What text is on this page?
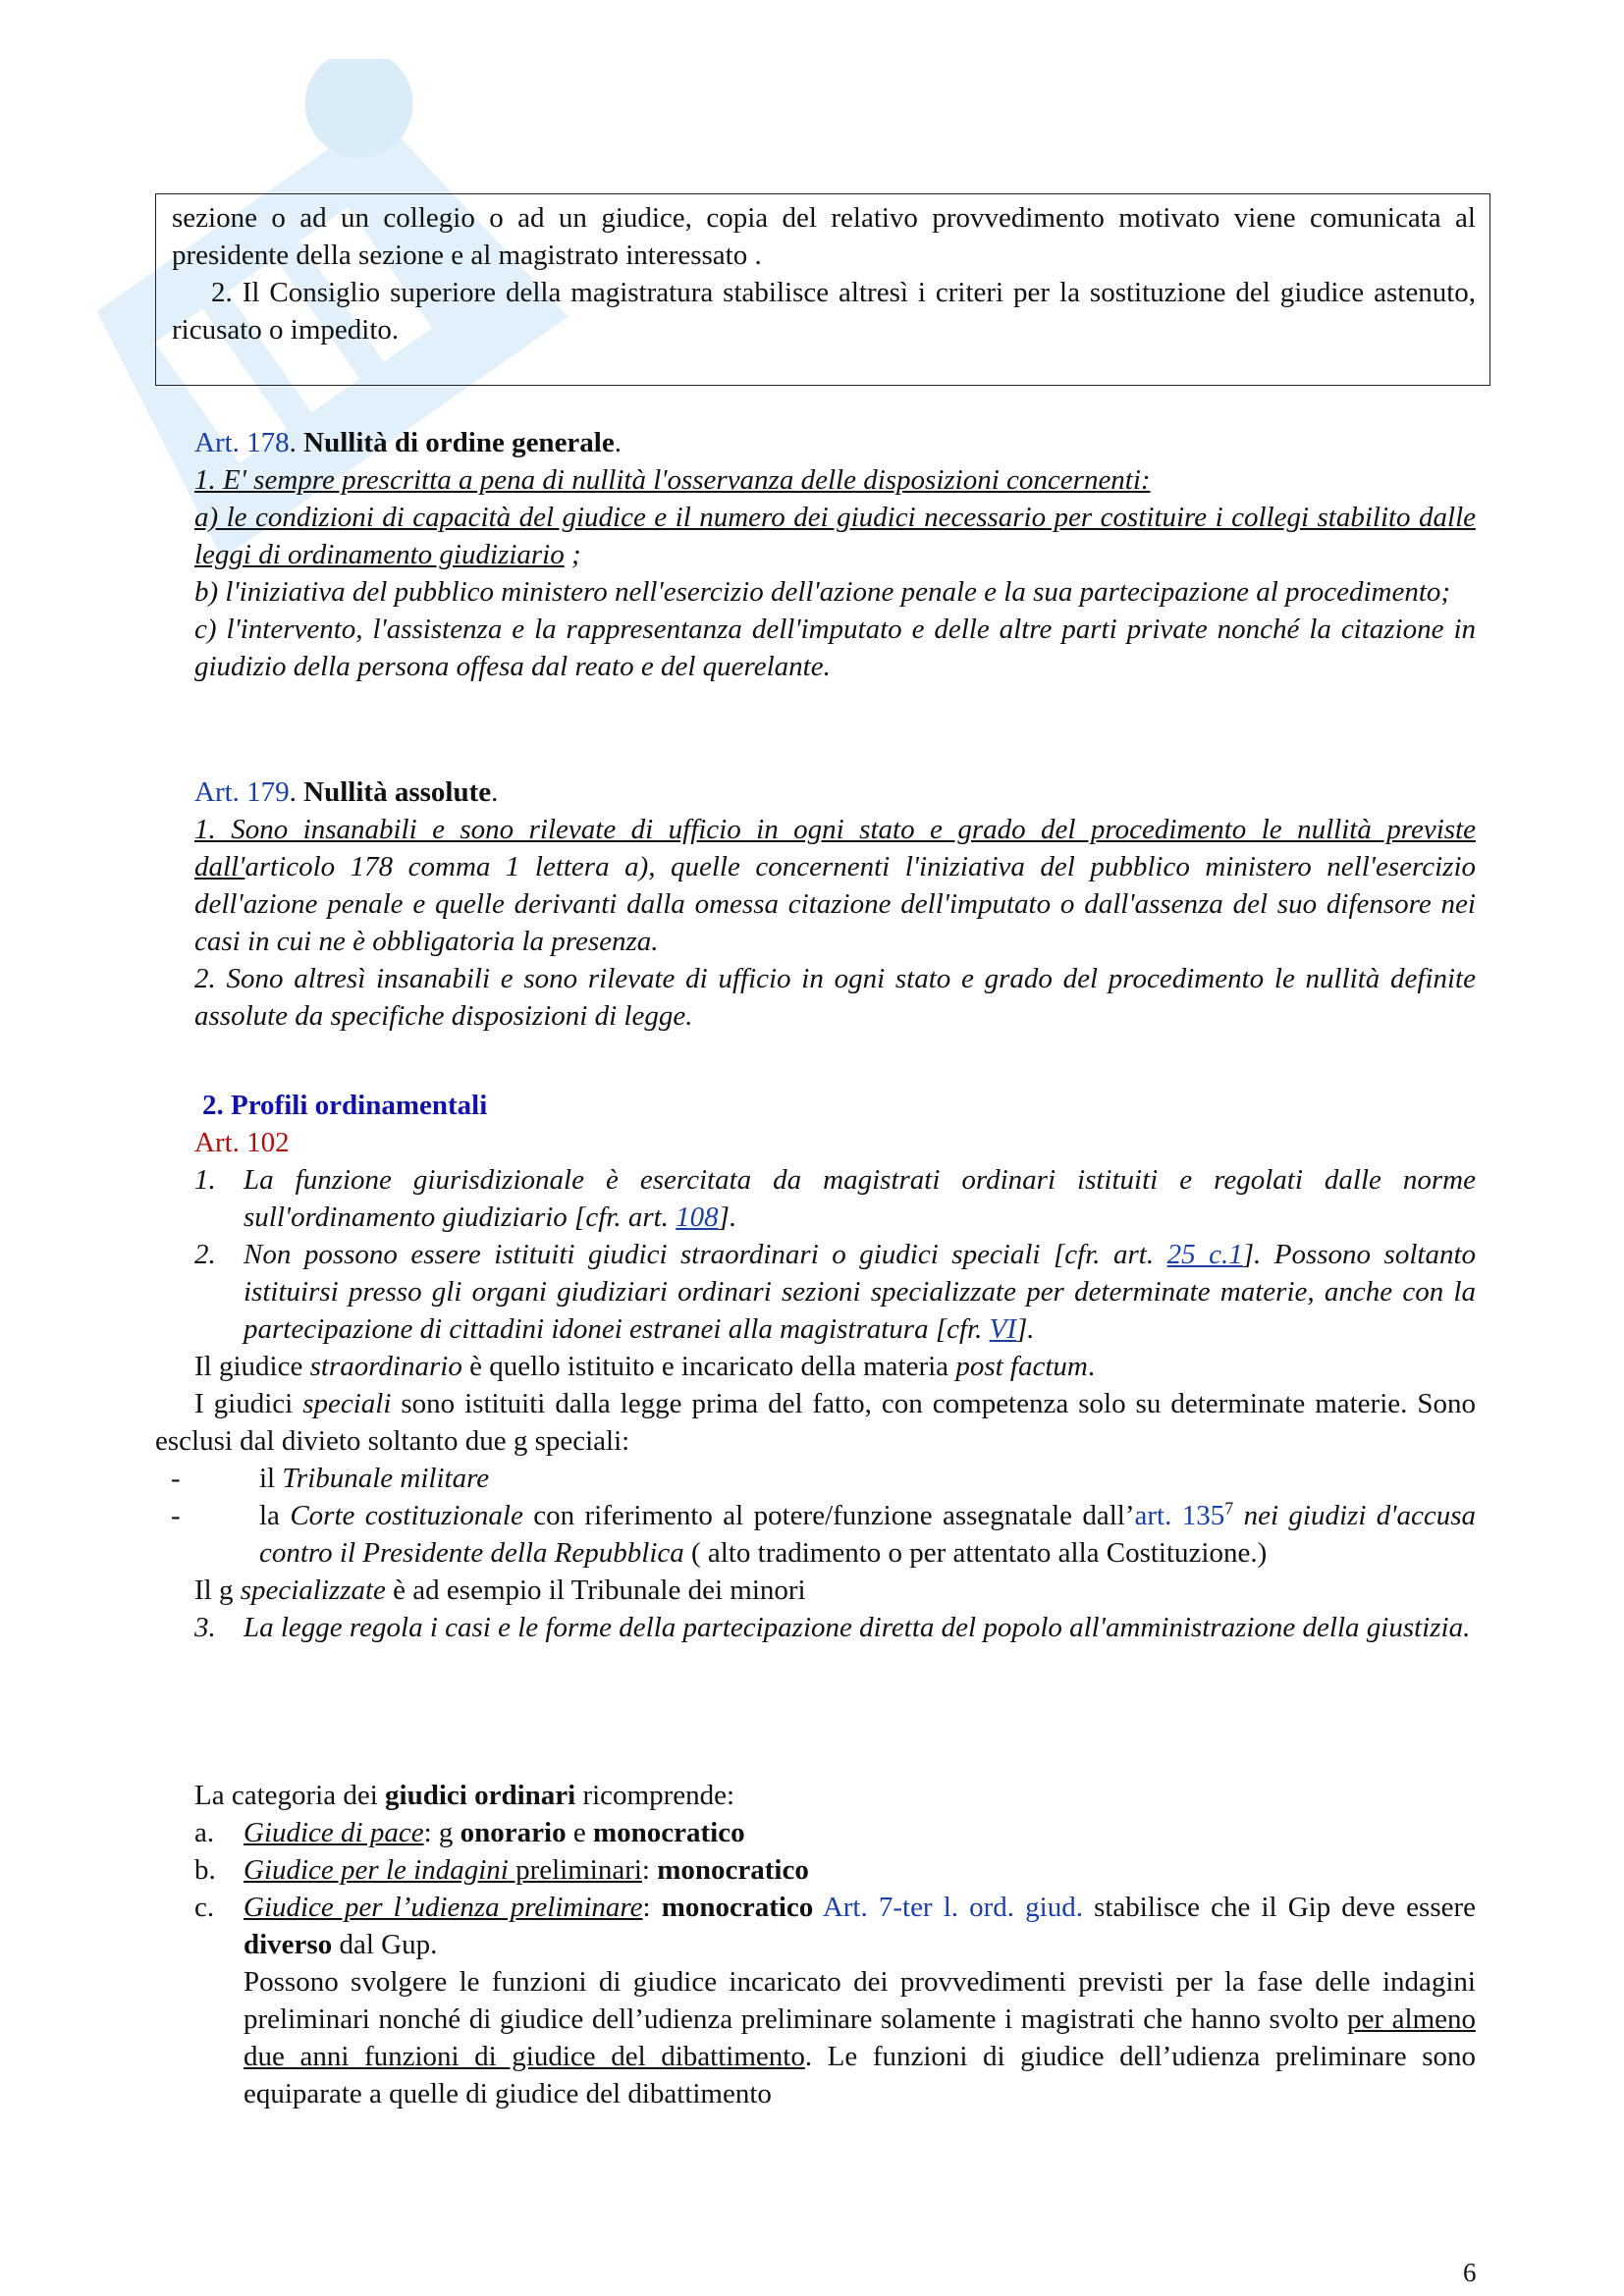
sezione o ad un collegio o ad un giudice, copia del relativo provvedimento motivato viene comunicata al presidente della sezione e al magistrato interessato .

2. Il Consiglio superiore della magistratura stabilisce altresì i criteri per la sostituzione del giudice astenuto, ricusato o impedito.

Art. 178. Nullità di ordine generale.

1. E' sempre prescritta a pena di nullità l'osservanza delle disposizioni concernenti:

a) le condizioni di capacità del giudice e il numero dei giudici necessario per costituire i collegi stabilito dalle leggi di ordinamento giudiziario ;

b) l'iniziativa del pubblico ministero nell'esercizio dell'azione penale e la sua partecipazione al procedimento;

c) l'intervento, l'assistenza e la rappresentanza dell'imputato e delle altre parti private nonché la citazione in giudizio della persona offesa dal reato e del querelante.

Art. 179. Nullità assolute.

1. Sono insanabili e sono rilevate di ufficio in ogni stato e grado del procedimento le nullità previste dall'articolo 178 comma 1 lettera a), quelle concernenti l'iniziativa del pubblico ministero nell'esercizio dell'azione penale e quelle derivanti dalla omessa citazione dell'imputato o dall'assenza del suo difensore nei casi in cui ne è obbligatoria la presenza.

2. Sono altresì insanabili e sono rilevate di ufficio in ogni stato e grado del procedimento le nullità definite assolute da specifiche disposizioni di legge.

2. Profili ordinamentali

Art. 102

1. La funzione giurisdizionale è esercitata da magistrati ordinari istituiti e regolati dalle norme sull'ordinamento giudiziario [cfr. art. 108].
2. Non possono essere istituiti giudici straordinari o giudici speciali [cfr. art. 25 c.1]. Possono soltanto istituirsi presso gli organi giudiziari ordinari sezioni specializzate per determinate materie, anche con la partecipazione di cittadini idonei estranei alla magistratura [cfr. VI].

Il giudice straordinario è quello istituito e incaricato della materia post factum.

I giudici speciali sono istituiti dalla legge prima del fatto, con competenza solo su determinate materie. Sono esclusi dal divieto soltanto due g speciali:

-	il Tribunale militare
-	la Corte costituzionale con riferimento al potere/funzione assegnatale dall’art. $135^7$ nei giudizi d'accusa contro il Presidente della Repubblica ( alto tradimento o per attentato alla Costituzione.)

Il g specializzate è ad esempio il Tribunale dei minori

3. La legge regola i casi e le forme della partecipazione diretta del popolo all'amministrazione della giustizia.

La categoria dei giudici ordinari ricomprende:

a.	Giudice di pace: g onorario e monocratico
b. Giudice per le indagini preliminari: monocratico
c.	Giudice per l’udienza preliminare: monocratico Art. 7-ter l. ord. giud. stabilisce che il Gip deve essere diverso dal Gup.
Possono svolgere le funzioni di giudice incaricato dei provvedimenti previsti per la fase delle indagini preliminari nonché di giudice dell’udienza preliminare solamente i magistrati che hanno svolto per almeno due anni funzioni di giudice del dibattimento. Le funzioni di giudice dell’udienza preliminare sono equiparate a quelle di giudice del dibattimento
6
